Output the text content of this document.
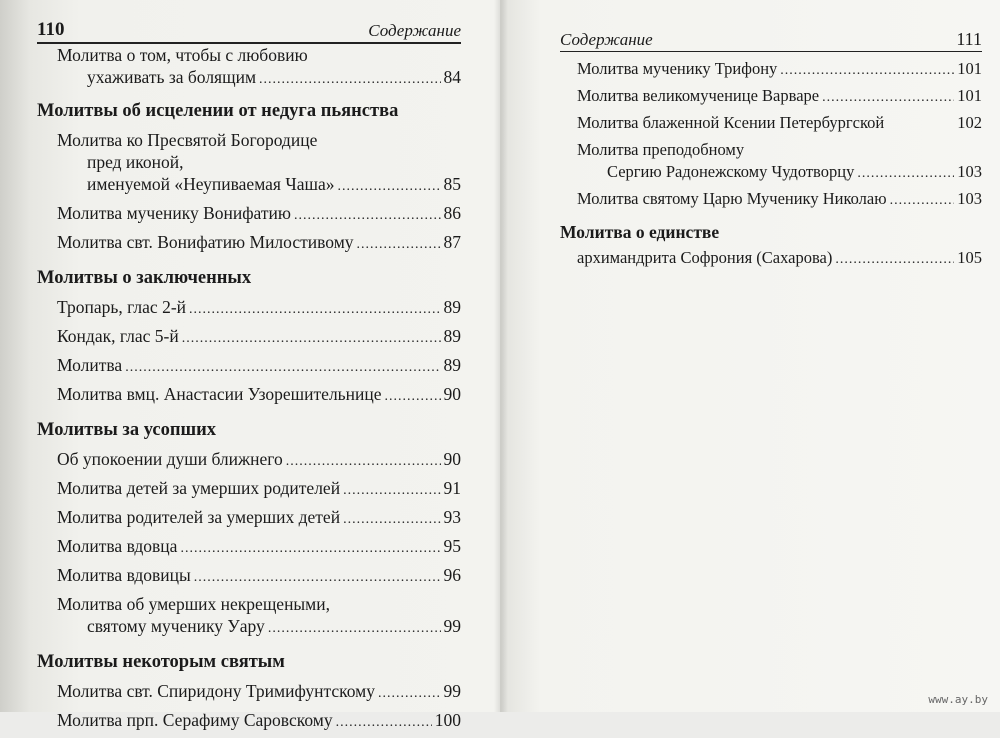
110	Содержание
Молитва о том, чтобы с любовию
ухаживать за болящим .....	84
Молитвы об исцелении от недуга пьянства
Молитва ко Пресвятой Богородице
пред иконой,
именуемой «Неупиваемая Чаша» .....	85
Молитва мученику Вонифатию .....	86
Молитва свт. Вонифатию Милостивому .....	87
Молитвы о заключенных
Тропарь, глас 2-й .....	89
Кондак, глас 5-й .....	89
Молитва .....	89
Молитва вмц. Анастасии Узорешительнице .....	90
Молитвы за усопших
Об упокоении души ближнего .....	90
Молитва детей за умерших родителей .....	91
Молитва родителей за умерших детей .....	93
Молитва вдовца .....	95
Молитва вдовицы .....	96
Молитва об умерших некрещеными,
святому мученику Уару .....	99
Молитвы некоторым святым
Молитва свт. Спиридону Тримифунтскому .....	99
Молитва прп. Серафиму Саровскому .....	100
Содержание	111
Молитва мученику Трифону .....	101
Молитва великомученице Варваре .....	101
Молитва блаженной Ксении Петербургской	102
Молитва преподобному
Сергию Радонежскому Чудотворцу .....	103
Молитва святому Царю Мученику Николаю .....	103
Молитва о единстве
архимандрита Софрония (Сахарова) .....	105
www.ay.by
